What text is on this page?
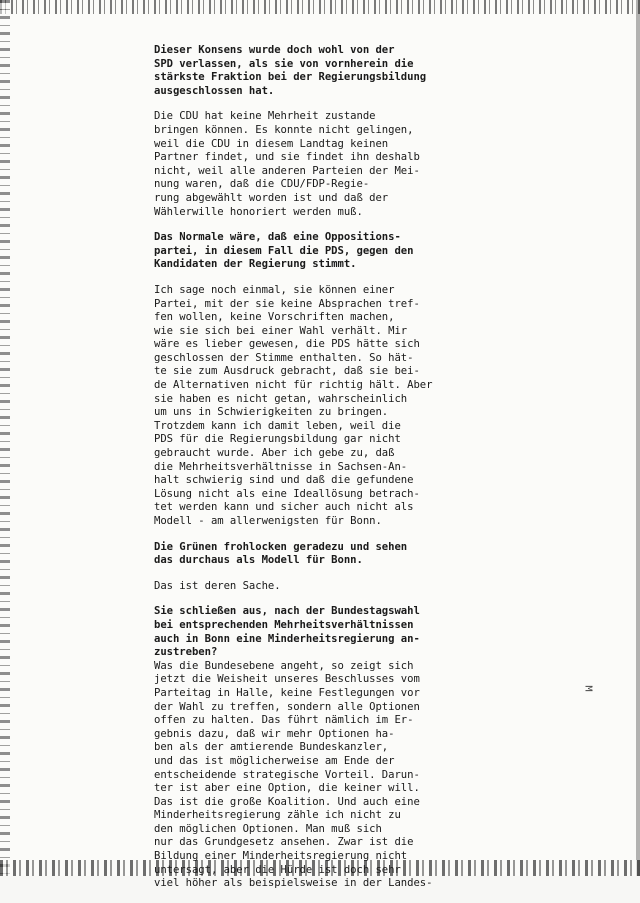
Dieser Konsens wurde doch wohl von der
SPD verlassen, als sie von vornherein die
stärkste Fraktion bei der Regierungsbildung
ausgeschlossen hat.
Die CDU hat keine Mehrheit zustande
bringen können. Es konnte nicht gelingen,
weil die CDU in diesem Landtag keinen
Partner findet, und sie findet ihn deshalb
nicht, weil alle anderen Parteien der Mei-
nung waren, daß die CDU/FDP-Regie-
rung abgewählt worden ist und daß der
Wählerwille honoriert werden muß.
Das Normale wäre, daß eine Oppositions-
partei, in diesem Fall die PDS, gegen den
Kandidaten der Regierung stimmt.
Ich sage noch einmal, sie können einer
Partei, mit der sie keine Absprachen tref-
fen wollen, keine Vorschriften machen,
wie sie sich bei einer Wahl verhält. Mir
wäre es lieber gewesen, die PDS hätte sich
geschlossen der Stimme enthalten. So hät-
te sie zum Ausdruck gebracht, daß sie bei-
de Alternativen nicht für richtig hält. Aber
sie haben es nicht getan, wahrscheinlich
um uns in Schwierigkeiten zu bringen.
Trotzdem kann ich damit leben, weil die
PDS für die Regierungsbildung gar nicht
gebraucht wurde. Aber ich gebe zu, daß
die Mehrheitsverhältnisse in Sachsen-An-
halt schwierig sind und daß die gefundene
Lösung nicht als eine Ideallösung betrach-
tet werden kann und sicher auch nicht als
Modell - am allerwenigsten für Bonn.
Die Grünen frohlocken geradezu und sehen
das durchaus als Modell für Bonn.
Das ist deren Sache.
Sie schließen aus, nach der Bundestagswahl
bei entsprechenden Mehrheitsverhältnissen
auch in Bonn eine Minderheitsregierung an-
zustreben?
Was die Bundesebene angeht, so zeigt sich
jetzt die Weisheit unseres Beschlusses vom
Parteitag in Halle, keine Festlegungen vor
der Wahl zu treffen, sondern alle Optionen
offen zu halten. Das führt nämlich im Er-
gebnis dazu, daß wir mehr Optionen ha-
ben als der amtierende Bundeskanzler,
und das ist möglicherweise am Ende der
entscheidende strategische Vorteil. Darun-
ter ist aber eine Option, die keiner will.
Das ist die große Koalition. Und auch eine
Minderheitsregierung zähle ich nicht zu
den möglichen Optionen. Man muß sich
nur das Grundgesetz ansehen. Zwar ist die
Bildung einer Minderheitsregierung nicht
untersagt, aber die Hürde ist doch sehr
viel höher als beispielsweise in der Landes-
M
